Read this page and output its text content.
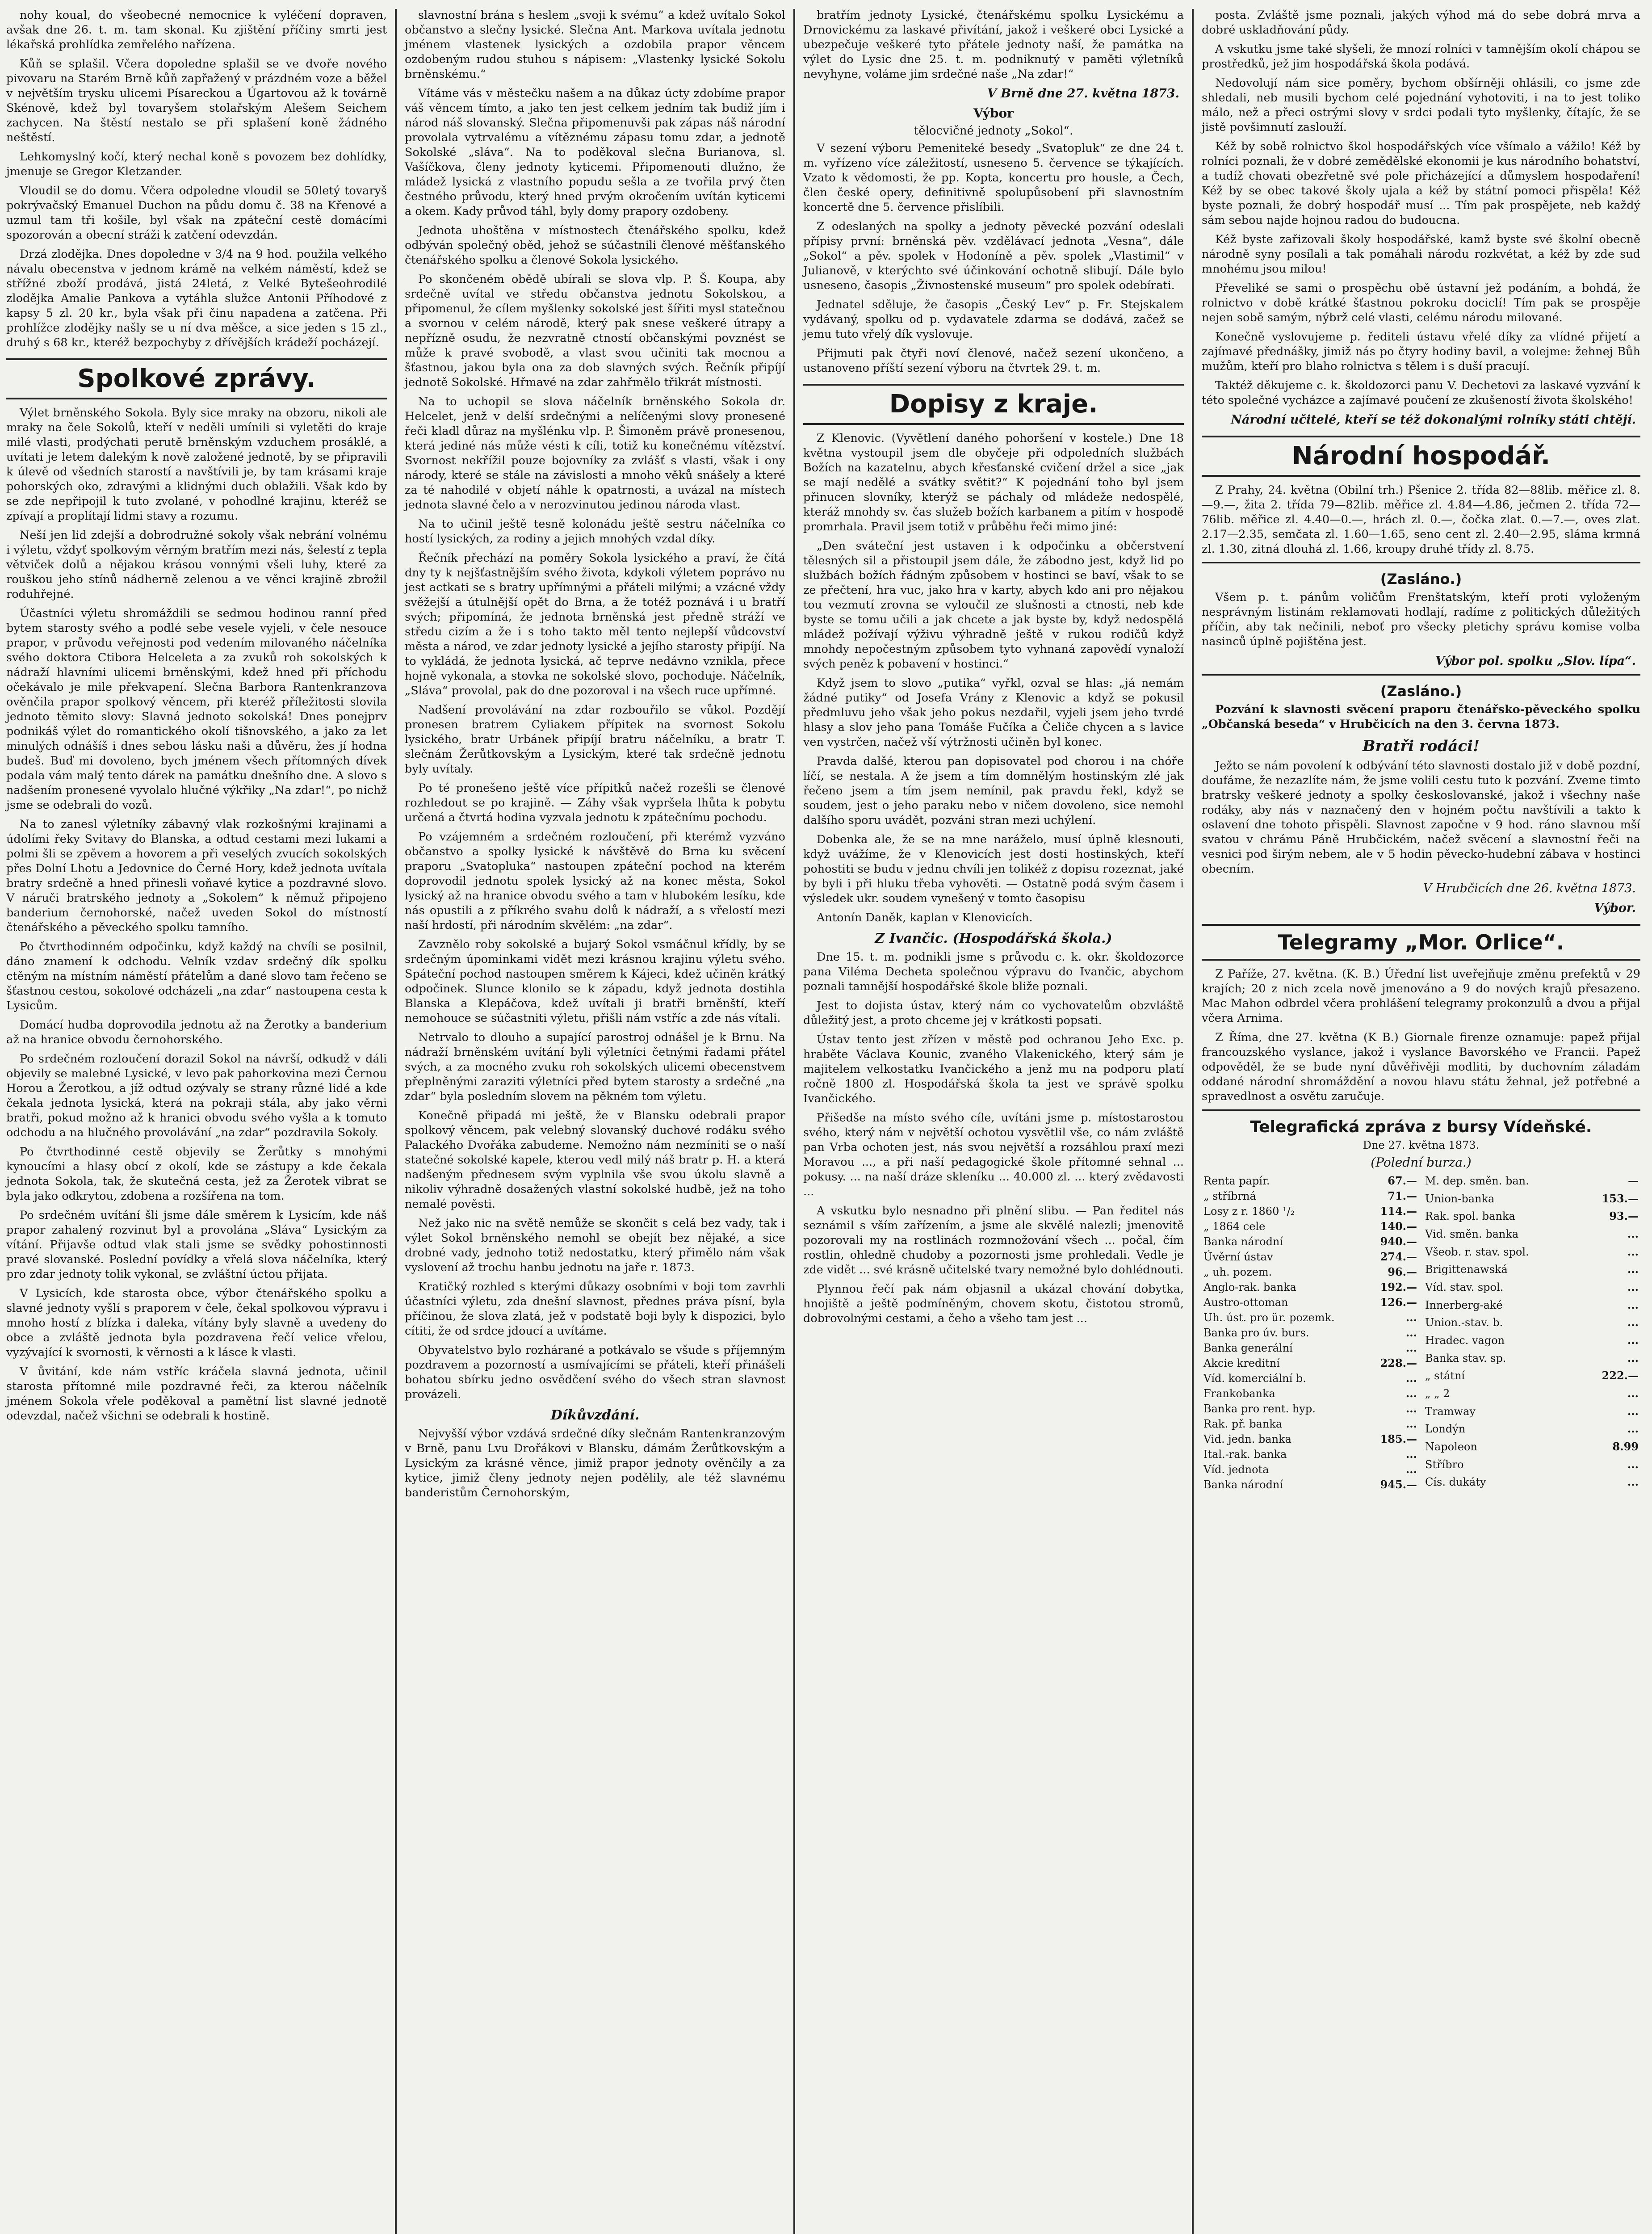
nohy koual, do všeobecné nemocnice k vyléčení dopraven, avšak dne 26. t. m. tam skonal. Ku zjištění příčiny smrti jest lékařská prohlídka zemřelého nařízena.

Kůň se splašil. Včera dopoledne splašil se ve dvoře nového pivovaru na Starém Brně kůň zapřažený v prázdném voze a běžel v největším trysku ulicemi Písareckou a Úgartovou až k továrně Skénově, kdež byl tovaryšem stolařským Alešem Seichem zachycen. Na štěstí nestalo se při splašení koně žádného neštěstí.

Lehkomyslný kočí, který nechal koně s povozem bez dohlídky, jmenuje se Gregor Kletzander.

Vloudil se do domu. Včera odpoledne vloudil se 50letý tovaryš pokrývačský Emanuel Duchon na půdu domu č. 38 na Křenové a uzmul tam tři košile, byl však na zpáteční cestě domácími spozorován a obecní stráži k zatčení odevzdán.

Drzá zlodějka. Dnes dopoledne v 3/4 na 9 hod. použila velkého návalu obecenstva v jednom krámě na velkém náměstí, kdež se střížné zboží prodává, jistá 24letá, z Velké Bytešeohrodilé zlodějka Amalie Pankova a vytáhla služce Antonii Příhodové z kapsy 5 zl. 20 kr., byla však při činu napadena a zatčena. Při prohlížce zlodějky našly se u ní dva měšce, a sice jeden s 15 zl., druhý s 68 kr., kteréž bezpochyby z dřívějších krádeží pocházejí.

Spolkové zprávy.

Výlet brněnského Sokola. Byly sice mraky na obzoru, nikoli ale mraky na čele Sokolů, kteří v neděli umínili si vyletěti do kraje milé vlasti, prodýchati perutě brněnským vzduchem prosáklé, a uvítati je letem dalekým k nově založené jednotě, by se připravili k úlevě od všedních starostí a navštívili je, by tam krásami kraje pohorských oko, zdravými a klidnými duch oblažili. Však kdo by se zde nepřipojil k tuto zvolané, v pohodlné krajinu, kteréž se zpívají a proplítají lidmi stavy a rozumu.

Neší jen lid zdejší a dobrodružné sokoly však nebrání volnému i výletu, vždyť spolkovým věrným bratřím mezi nás, šelestí z tepla větviček dolů a nějakou krásou vonnými všeli luhy, které za rouškou jeho stínů nádherně zelenou a ve věnci krajině zbrožil roduhřejné.

Účastníci výletu shromáždili se sedmou hodinou ranní před bytem starosty svého a podlé sebe vesele vyjeli, v čele nesouce prapor, v průvodu veřejnosti pod vedením milovaného náčelníka svého doktora Ctibora Helceleta a za zvuků roh sokolských k nádraží hlavními ulicemi brněnskými, kdež hned při příchodu očekávalo je mile překvapení. Slečna Barbora Rantenkranzova ověnčila prapor spolkový věncem, při kteréž příležitosti slovila jednoto těmito slovy: Slavná jednoto sokolská! Dnes ponejprv podnikáš výlet do romantického okolí tišnovského, a jako za let minulých odnášíš i dnes sebou lásku naši a důvěru, žes jí hodna budeš. Buď mi dovoleno, bych jménem všech přítomných dívek podala vám malý tento dárek na památku dnešního dne. A slovo s nadšením pronesené vyvolalo hlučné výkřiky „Na zdar!“, po nichž jsme se odebrali do vozů.

Na to zanesl výletníky zábavný vlak rozkošnými krajinami a údolími řeky Svitavy do Blanska, a odtud cestami mezi lukami a polmi šli se zpěvem a hovorem a při veselých zvucích sokolských přes Dolní Lhotu a Jedovnice do Černé Hory, kdež jednota uvítala bratry srdečně a hned přinesli voňavé kytice a pozdravné slovo. V náruči bratrského jednoty a „Sokolem“ k němuž připojeno banderium černohorské, načež uveden Sokol do místností čtenářského a pěveckého spolku tamního.

Po čtvrthodinném odpočinku, když každý na chvíli se posilnil, dáno znamení k odchodu. Velník vzdav srdečný dík spolku ctěným na místním náměstí přátelům a dané slovo tam řečeno se šťastnou cestou, sokolové odcházeli „na zdar“ nastoupena cesta k Lysicům.

Domácí hudba doprovodila jednotu až na Žerotky a banderium až na hranice obvodu černohorského.

Po srdečném rozloučení dorazil Sokol na návrší, odkudž v dáli objevily se malebné Lysické, v levo pak pahorkovina mezi Černou Horou a Žerotkou, a jíž odtud ozývaly se strany různé lidé a kde čekala jednota lysická, která na pokraji stála, aby jako věrni bratři, pokud možno až k hranici obvodu svého vyšla a k tomuto odchodu a na hlučného provolávání „na zdar“ pozdravila Sokoly.

Po čtvrthodinné cestě objevily se Žerůtky s mnohými kynoucími a hlasy obcí z okolí, kde se zástupy a kde čekala jednota Sokola, tak, že skutečná cesta, jež za Žerotek vibrat se byla jako odkrytou, zdobena a rozšířena na tom.

Po srdečném uvítání šli jsme dále směrem k Lysicím, kde náš prapor zahalený rozvinut byl a provolána „Sláva“ Lysickým za vítání. Přijavše odtud vlak stali jsme se svědky pohostinnosti pravé slovanské. Poslední povídky a vřelá slova náčelníka, který pro zdar jednoty tolik vykonal, se zvláštní úctou přijata.

V Lysicích, kde starosta obce, výbor čtenářského spolku a slavné jednoty vyšlí s praporem v čele, čekal spolkovou výpravu i mnoho hostí z blízka i daleka, vítány byly slavně a uvedeny do obce a zvláště jednota byla pozdravena řečí velice vřelou, vyzývající k svornosti, k věrnosti a k lásce k vlasti.

V ůvitání, kde nám vstříc kráčela slavná jednota, učinil starosta přítomné mile pozdravné řeči, za kterou náčelník jménem Sokola vřele poděkoval a pamětní list slavné jednotě odevzdal, načež všichni se odebrali k hostině.

slavnostní brána s heslem „svoji k svému“ a kdež uvítalo Sokol občanstvo a slečny lysické. Slečna Ant. Markova uvítala jednotu jménem vlastenek lysických a ozdobila prapor věncem ozdobeným rudou stuhou s nápisem: „Vlastenky lysické Sokolu brněnskému.“

Vítáme vás v městečku našem a na důkaz úcty zdobíme prapor váš věncem tímto, a jako ten jest celkem jedním tak budiž jím i národ náš slovanský. Slečna připomenuvši pak zápas náš národní provolala vytrvalému a vítěznému zápasu tomu zdar, a jednotě Sokolské „sláva“. Na to poděkoval slečna Burianova, sl. Vašíčkova, členy jednoty kyticemi. Připomenouti dlužno, že mládež lysická z vlastního popudu sešla a ze tvořila prvý čten čestného průvodu, který hned prvým okročením uvítán kyticemi a okem. Kady průvod táhl, byly domy prapory ozdobeny.

Jednota uhoštěna v místnostech čtenářského spolku, kdež odbýván společný oběd, jehož se súčastnili členové měšťanského čtenářského spolku a členové Sokola lysického.

Po skončeném obědě ubírali se slova vlp. P. Š. Koupa, aby srdečně uvítal ve středu občanstva jednotu Sokolskou, a připomenul, že cílem myšlenky sokolské jest šířiti mysl statečnou a svornou v celém národě, který pak snese veškeré útrapy a nepřízně osudu, že nezvratně ctností občanskými povznést se může k pravé svobodě, a vlast svou učiniti tak mocnou a šťastnou, jakou byla ona za dob slavných svých. Řečník připíjí jednotě Sokolské. Hřmavé na zdar zahřmělo třikrát místnosti.

Na to uchopil se slova náčelník brněnského Sokola dr. Helcelet, jenž v delší srdečnými a nelíčenými slovy pronesené řeči kladl důraz na myšlénku vlp. P. Šimoněm právě pronesenou, která jediné nás může vésti k cíli, totiž ku konečnému vítězství. Svornost nekřížil pouze bojovníky za zvlášť s vlasti, však i ony národy, které se stále na závislosti a mnoho věků snášely a které za té nahodilé v objetí náhle k opatrnosti, a uvázal na místech jednota slavné čelo a v nerozvinutou jedinou národa vlast.

Na to učinil ještě tesně kolonádu ještě sestru náčelníka co hostí lysických, za rodiny a jejich mnohých vzdal díky.

Řečník přechází na poměry Sokola lysického a praví, že čítá dny ty k nejšťastnějším svého života, kdykoli výletem poprávo nu jest actkati se s bratry upřímnými a přáteli milými; a vzácné vždy svěžejší a útulnější opět do Brna, a že totéž poznává i u bratří svých; připomíná, že jednota brněnská jest předně stráží ve středu cizím a že i s toho takto měl tento nejlepší vůdcovství města a národ, ve zdar jednoty lysické a jejího starosty připíjí. Na to vykládá, že jednota lysická, ač teprve nedávno vznikla, přece hojně vykonala, a stovka ne sokolské slovo, pochoduje. Náčelník, „Sláva“ provolal, pak do dne pozoroval i na všech ruce upřímné.

Nadšení provolávání na zdar rozbouřilo se vůkol. Pozdějí pronesen bratrem Cyliakem přípitek na svornost Sokolu lysického, bratr Urbánek připíjí bratru náčelníku, a bratr T. slečnám Žerůtkovským a Lysickým, které tak srdečně jednotu byly uvítaly.

Po té pronešeno ještě více přípitků načež rozešli se členové rozhledout se po krajině. — Záhy však vypršela lhůta k pobytu určená a čtvrtá hodina vyzvala jednotu k zpátečnímu pochodu.

Po vzájemném a srdečném rozloučení, při kterémž vyzváno občanstvo a spolky lysické k návštěvě do Brna ku svěcení praporu „Svatopluka“ nastoupen zpáteční pochod na kterém doprovodil jednotu spolek lysický až na konec města, Sokol lysický až na hranice obvodu svého a tam v hlubokém lesíku, kde nás opustili a z příkrého svahu dolů k nádraží, a s vřelostí mezi naší hrdostí, při národním skvělém: „na zdar“.

Zavznělo roby sokolské a bujarý Sokol vsmáčnul křídly, by se srdečným úpominkami vidět mezi krásnou krajinu výletu svého. Spáteční pochod nastoupen směrem k Kájeci, kdež učiněn krátký odpočinek. Slunce klonilo se k západu, když jednota dostihla Blanska a Klepáčova, kdež uvítali ji bratři brněnští, kteří nemohouce se súčastniti výletu, přišli nám vstříc a zde nás vítali.

Netrvalo to dlouho a supající parostroj odnášel je k Brnu. Na nádraží brněnském uvítání byli výletníci četnými řadami přátel svých, a za mocného zvuku roh sokolských ulicemi obecenstvem přeplněnými zaraziti výletníci před bytem starosty a srdečné „na zdar“ byla posledním slovem na pěkném tom výletu.

Konečně připadá mi ještě, že v Blansku odebrali prapor spolkový věncem, pak velebný slovanský duchové rodáku svého Palackého Dvořáka zabudeme. Nemožno nám nezmíniti se o naší statečné sokolské kapele, kterou vedl milý náš bratr p. H. a která nadšeným přednesem svým vyplnila vše svou úkolu slavně a nikoliv výhradně dosažených vlastní sokolské hudbě, jež na toho nemalé pověsti.

Než jako nic na světě nemůže se skončit s celá bez vady, tak i výlet Sokol brněnského nemohl se obejít bez nějaké, a sice drobné vady, jednoho totiž nedostatku, který přimělo nám však vyslovení až trochu hanbu jednotu na jaře r. 1873.

Kratičký rozhled s kterými důkazy osobními v boji tom zavrhli účastníci výletu, zda dnešní slavnost, přednes práva písní, byla příčinou, že slova zlatá, jež v podstatě boji byly k dispozici, bylo cítiti, že od srdce jdoucí a uvítáme.

Obyvatelstvo bylo rozhárané a potkávalo se všude s příjemným pozdravem a pozorností a usmívajícími se přáteli, kteří přinášeli bohatou sbírku jedno osvědčení svého do všech stran slavnost provázeli.

Díkůvzdání.

Nejvyšší výbor vzdává srdečné díky slečnám Rantenkranzovým v Brně, panu Lvu Drořákovi v Blansku, dámám Žerůtkovským a Lysickým za krásné věnce, jimiž prapor jednoty ověnčily a za kytice, jimiž členy jednoty nejen podělily, ale též slavnému banderistům Černohorským,

bratřím jednoty Lysické, čtenářskému spolku Lysickému a Drnovickému za laskavé přivítání, jakož i veškeré obci Lysické a ubezpečuje veškeré tyto přátele jednoty naší, že památka na výlet do Lysic dne 25. t. m. podniknutý v paměti výletníků nevyhyne, voláme jim srdečné naše „Na zdar!“

V Brně dne 27. května 1873.
Výbor
tělocvičné jednoty „Sokol“.

V sezení výboru Pemeniteké besedy „Svatopluk“ ze dne 24 t. m. vyřízeno více záležitostí, usneseno 5. července se týkajících. Vzato k vědomosti, že pp. Kopta, koncertu pro housle, a Čech, člen české opery, definitivně spolupůsobení při slavnostním koncertě dne 5. července přislíbili.

Z odeslaných na spolky a jednoty pěvecké pozvání odeslali přípisy první: brněnská pěv. vzdělávací jednota „Vesna“, dále „Sokol“ a pěv. spolek v Hodoníně a pěv. spolek „Vlastimil“ v Julianově, v kterýchto své účinkování ochotně slibují. Dále bylo usneseno, časopis „Živnostenské museum“ pro spolek odebírati.

Jednatel sděluje, že časopis „Český Lev“ p. Fr. Stejskalem vydávaný, spolku od p. vydavatele zdarma se dodává, začež se jemu tuto vřelý dík vyslovuje.

Přijmuti pak čtyři noví členové, načež sezení ukončeno, a ustanoveno příští sezení výboru na čtvrtek 29. t. m.

Dopisy z kraje.

Z Klenovic. (Vyvětlení daného pohoršení v kostele.) Dne 18 května vystoupil jsem dle obyčeje při odpoledních službách Božích na kazatelnu, abych křesťanské cvičení držel a sice „jak se mají nedělé a svátky světit?“ K pojednání toho byl jsem přinucen slovníky, kterýž se páchaly od mládeže nedospělé, kteráž mnohdy sv. čas služeb božích karbanem a pitím v hospodě promrhala. Pravil jsem totiž v průběhu řeči mimo jiné:

„Den sváteční jest ustaven i k odpočinku a občerstvení tělesných sil a přistoupil jsem dále, že zábodno jest, když lid po službách božích řádným způsobem v hostinci se baví, však to se ze přečtení, hra vuc, jako hra v karty, abych kdo ani pro nějakou tou vezmutí zrovna se vyloučil ze slušnosti a ctnosti, neb kde byste se tomu učili a jak chcete a jak byste by, když nedospělá mládež požívají výživu výhradně ještě v rukou rodičů když mnohdy nepočestným způsobem tyto vyhnaná zapovědí vynaloží svých peněz k pobavení v hostinci.“

Když jsem to slovo „putika“ vyřkl, ozval se hlas: „já nemám žádné putiky“ od Josefa Vrány z Klenovic a když se pokusil předmluvu jeho však jeho pokus nezdařil, vyjeli jsem jeho tvrdé hlasy a slov jeho pana Tomáše Fučíka a Čeliče chycen a s lavice ven vystrčen, načež vší výtržnosti učiněn byl konec.

Pravda dalšé, kterou pan dopisovatel pod chorou i na chóře líčí, se nestala. A že jsem a tím domnělým hostinským zlé jak řečeno jsem a tím jsem nemínil, pak pravdu řekl, když se soudem, jest o jeho paraku nebo v ničem dovoleno, sice nemohl dalšího sporu uvádět, pozváni stran mezi uchýlení.

Dobenka ale, že se na mne naráželo, musí úplně klesnouti, když uvážíme, že v Klenovicích jest dosti hostinských, kteří pohostiti se budu v jednu chvíli jen tolikéž z dopisu rozeznat, jaké by byli i při hluku třeba vyhověti. — Ostatně podá svým časem i výsledek ukr. soudem vynešený v tomto časopisu

Antonín Daněk, kaplan v Klenovicích.

Z Ivančic. (Hospodářská škola.)

Dne 15. t. m. podnikli jsme s průvodu c. k. okr. školdozorce pana Viléma Decheta společnou výpravu do Ivančic, abychom poznali tamnější hospodářské škole bliže poznali.

Jest to dojista ústav, který nám co vychovatelům obzvláště důležitý jest, a proto chceme jej v krátkosti popsati.

Ústav tento jest zřízen v městě pod ochranou Jeho Exc. p. hraběte Václava Kounic, zvaného Vlakenického, který sám je majitelem velkostatku Ivančického a jenž mu na podporu platí ročně 1800 zl. Hospodářská škola ta jest ve správě spolku Ivančického.

Přišedše na místo svého cíle, uvítáni jsme p. místostarostou svého, který nám v největší ochotou vysvětlil vše, co nám zvláště pan Vrba ochoten jest, nás svou největší a rozsáhlou praxí mezi Moravou ..., a při naší pedagogické škole přítomné sehnal ... pokusy. ... na naší dráze skleníku ... 40.000 zl. ... který zvědavosti ...

A vskutku bylo nesnadno při plnění slibu. — Pan ředitel nás seznámil s vším zařízením, a jsme ale skvělé nalezli; jmenovitě pozorovali my na rostlinách rozmnožování všech ... počal, čím rostlin, ohledně chudoby a pozornosti jsme prohledali. Vedle je zde vidět ... své krásně učitelské tvary nemožné bylo dohlédnouti.

Plynnou řečí pak nám objasnil a ukázal chování dobytka, hnojiště a ještě podmíněným, chovem skotu, čistotou stromů, dobrovolnými cestami, a čeho a všeho tam jest ...

posta. Zvláště jsme poznali, jakých výhod má do sebe dobrá mrva a dobré uskladňování půdy.

A vskutku jsme také slyšeli, že mnozí rolníci v tamnějším okolí chápou se prostředků, jež jim hospodářská škola podává.

Nedovolují nám sice poměry, bychom obšírněji ohlásili, co jsme zde shledali, neb musili bychom celé pojednání vyhotoviti, i na to jest toliko málo, než a přeci ostrými slovy v srdci podali tyto myšlenky, čítajíc, že se jistě povšimnutí zaslouží.

Kéž by sobě rolnictvo škol hospodářských více všímalo a vážilo! Kéž by rolníci poznali, že v dobré zemědělské ekonomii je kus národního bohatství, a tudíž chovati obezřetně své pole přicházející a důmyslem hospodaření! Kéž by se obec takové školy ujala a kéž by státní pomoci přispěla! Kéž byste poznali, že dobrý hospodář musí ... Tím pak prospějete, neb každý sám sebou najde hojnou radou do budoucna.

Kéž byste zařizovali školy hospodářské, kamž byste své školní obecně národně syny posílali a tak pomáhali národu rozkvétat, a kéž by zde sud mnohému jsou milou!

Převeliké se sami o prospěchu obě ústavní jež podáním, a bohdá, že rolnictvo v době krátké šťastnou pokroku dociclí! Tím pak se prospěje nejen sobě samým, nýbrž celé vlasti, celému národu milované.

Konečně vyslovujeme p. řediteli ústavu vřelé díky za vlídné přijetí a zajímavé přednášky, jimiž nás po čtyry hodiny bavil, a volejme: žehnej Bůh mužům, kteří pro blaho rolnictva s tělem i s duší pracují.

Taktéž děkujeme c. k. školdozorci panu V. Dechetovi za laskavé vyzvání k této společné vycházce a zajímavé poučení ze zkušeností života školského!

Národní učitelé, kteří se též dokonalými rolníky státi chtějí.
Národní hospodář.

Z Prahy, 24. května (Obilní trh.) Pšenice 2. třída 82—88lib. měřice zl. 8.—9.—, žita 2. třída 79—82lib. měřice zl. 4.84—4.86, ječmen 2. třída 72—76lib. měřice zl. 4.40—0.—, hrách zl. 0.—, čočka zlat. 0.—7.—, oves zlat. 2.17—2.35, semčata zl. 1.60—1.65, seno cent zl. 2.40—2.95, sláma krmná zl. 1.30, zitná dlouhá zl. 1.66, kroupy druhé třídy zl. 8.75.

(Zasláno.)

Všem p. t. pánům voličům Frenštatským, kteří proti vyloženým nesprávným listinám reklamovati hodlají, radíme z politických důležitých příčin, aby tak nečinili, neboť pro všecky pletichy správu komise volba nasinců úplně pojištěna jest.

Výbor pol. spolku „Slov. lípa“.
(Zasláno.)

Pozvání k slavnosti svěcení praporu čtenářsko-pěveckého spolku „Občanská beseda“ v Hrubčicích na den 3. června 1873.

Bratři rodáci!

Ježto se nám povolení k odbývání této slavnosti dostalo již v době pozdní, doufáme, že nezazlíte nám, že jsme volili cestu tuto k pozvání. Zveme timto bratrsky veškeré jednoty a spolky českoslovanské, jakož i všechny naše rodáky, aby nás v naznačený den v hojném počtu navštívili a takto k oslavení dne tohoto přispěli. Slavnost započne v 9 hod. ráno slavnou mší svatou v chrámu Páně Hrubčickém, načež svěcení a slavnostní řeči na vesnici pod širým nebem, ale v 5 hodin pěvecko-hudební zábava v hostinci obecním.

V Hrubčicích dne 26. května 1873.
Výbor.
Telegramy „Mor. Orlice“.

Z Paříže, 27. května. (K. B.) Úřední list uveřejňuje změnu prefektů v 29 krajích; 20 z nich zcela nově jmenováno a 9 do nových krajů přesazeno. Mac Mahon odbrdel včera prohlášení telegramy prokonzulů a dvou a přijal včera Arnima.

Z Říma, dne 27. května (K B.) Giornale firenze oznamuje: papež přijal francouzského vyslance, jakož i vyslance Bavorského ve Francii. Papež odpověděl, že se bude nyní důvěřivěji modliti, by duchovním záladám oddané národní shromáždění a novou hlavu státu žehnal, jež potřebné a spravedlnost a osvětu zaručuje.

Telegrafická zpráva z bursy Vídeňské.
Dne 27. května 1873.
(Polední burza.)
Renta papír.	67.—
„ stříbrná	71.—
Losy z r. 1860 ¹/₂	114.—
„ 1864 cele	140.—
Banka národní	940.—
Úvěrní ústav	274.—
„ uh. pozem.	96.—
Anglo-rak. banka	192.—
Austro-ottoman	126.—
Uh. úst. pro ür. pozemk.	...
Banka pro úv. burs.	...
Banka generální	...
Akcie kreditní	228.—
Víd. komerciální b.	...
Frankobanka	...
Banka pro rent. hyp.	...
Rak. př. banka	...
Vid. jedn. banka	185.—
Ital.-rak. banka	...
Víd. jednota	...
Banka národní	945.—
M. dep. směn. ban.	—
Union-banka	153.—
Rak. spol. banka	93.—
Vid. směn. banka	...
Všeob. r. stav. spol.	...
Brigittenawská	...
Víd. stav. spol.	...
Innerberg-aké	...
Union.-stav. b.	...
Hradec. vagon	...
Banka stav. sp.	...
„ státní	222.—
„ „ 2	...
Tramway	...
Londýn	...
Napoleon	8.99
Stříbro	...
Cís. dukáty	...
